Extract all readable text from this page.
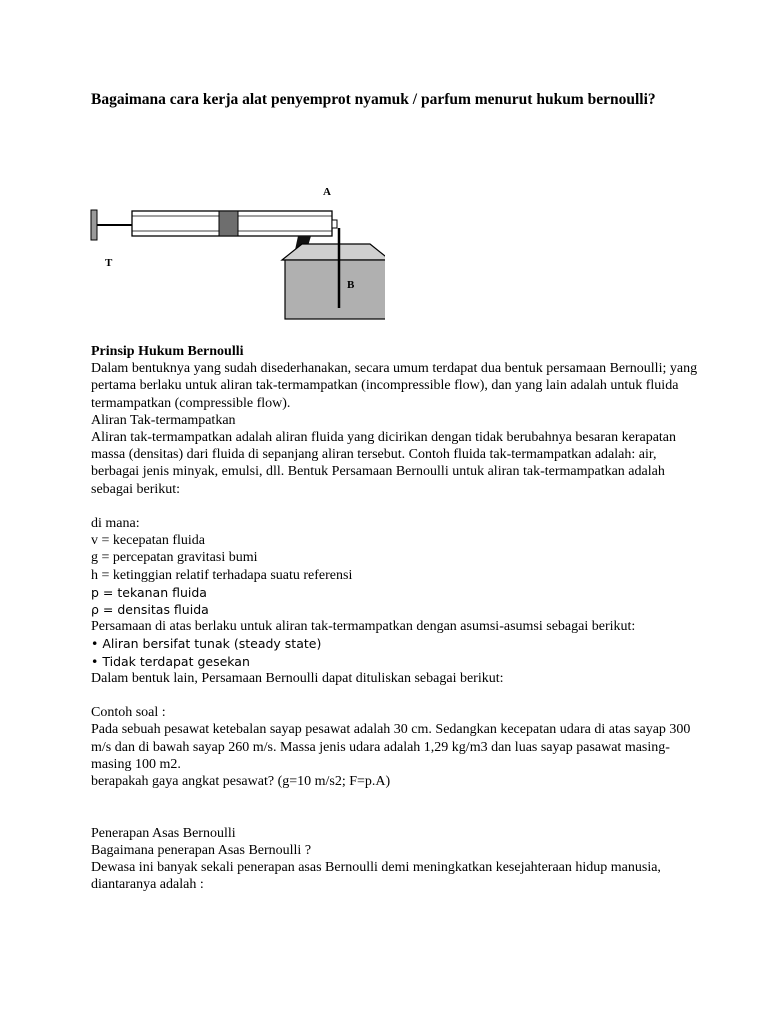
Bagaimana cara kerja alat penyemprot nyamuk / parfum menurut hukum bernoulli?
A
T
B

Prinsip Hukum Bernoulli

Dalam bentuknya yang sudah disederhanakan, secara umum terdapat dua bentuk persamaan Bernoulli; yang pertama berlaku untuk aliran tak-termampatkan (incompressible flow), dan yang lain adalah untuk fluida termampatkan (compressible flow).

Aliran Tak-termampatkan

Aliran tak-termampatkan adalah aliran fluida yang dicirikan dengan tidak berubahnya besaran kerapatan massa (densitas) dari fluida di sepanjang aliran tersebut. Contoh fluida tak-termampatkan adalah: air, berbagai jenis minyak, emulsi, dll. Bentuk Persamaan Bernoulli untuk aliran tak-termampatkan adalah sebagai berikut:

di mana:

v = kecepatan fluida

g = percepatan gravitasi bumi

h = ketinggian relatif terhadapa suatu referensi

p = tekanan fluida

ρ = densitas fluida

Persamaan di atas berlaku untuk aliran tak-termampatkan dengan asumsi-asumsi sebagai berikut:

• Aliran bersifat tunak (steady state)

• Tidak terdapat gesekan

Dalam bentuk lain, Persamaan Bernoulli dapat dituliskan sebagai berikut:

Contoh soal :

Pada sebuah pesawat ketebalan sayap pesawat adalah 30 cm. Sedangkan kecepatan udara di atas sayap 300 m/s dan di bawah sayap 260 m/s. Massa jenis udara adalah 1,29 kg/m3 dan luas sayap pasawat masing-masing 100 m2.

berapakah gaya angkat pesawat? (g=10 m/s2; F=p.A)

Penerapan Asas Bernoulli

Bagaimana penerapan Asas Bernoulli ?

Dewasa ini banyak sekali penerapan asas Bernoulli demi meningkatkan kesejahteraan hidup manusia, diantaranya adalah :
